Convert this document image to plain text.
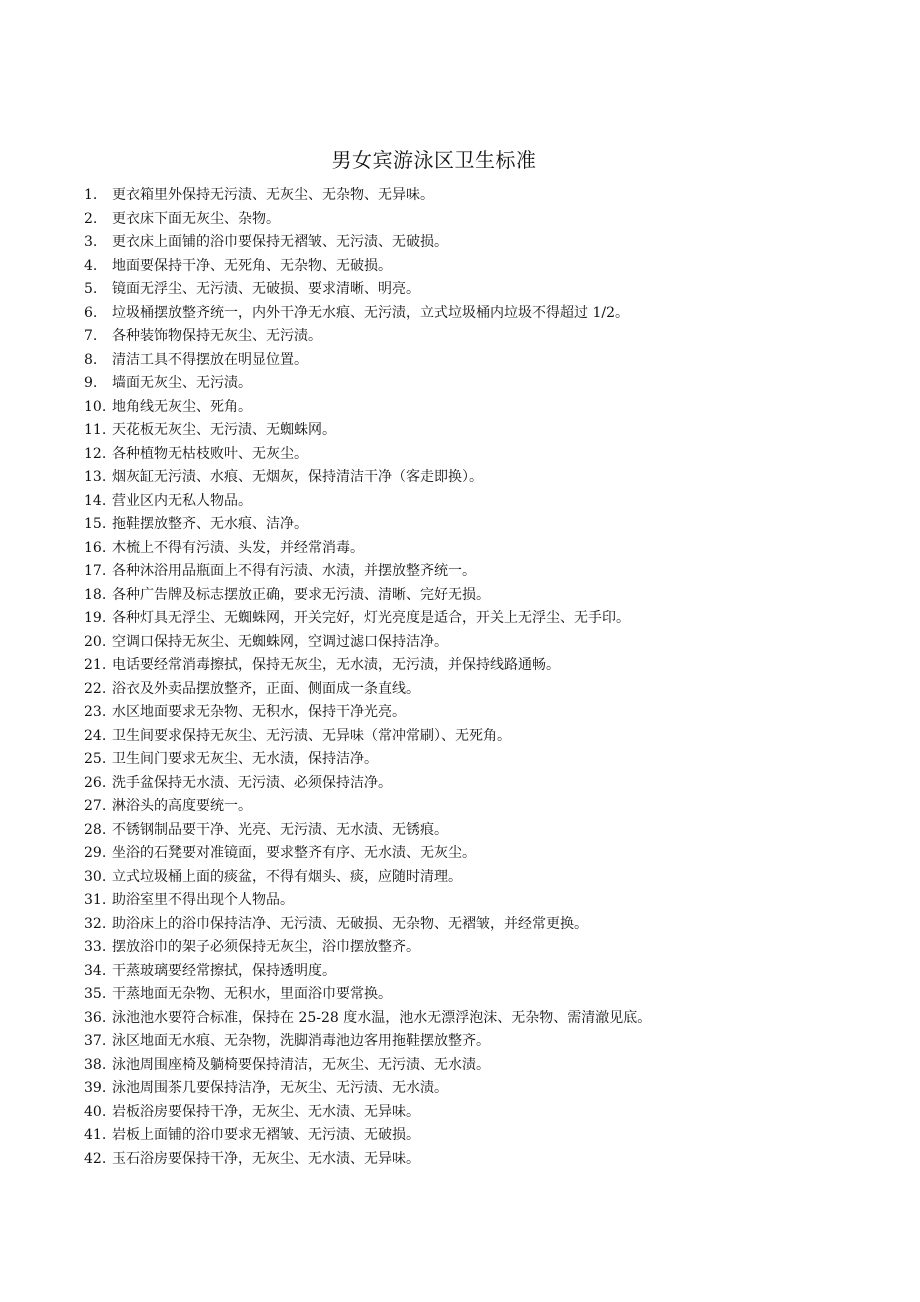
男女宾游泳区卫生标准
1.	更衣箱里外保持无污渍、无灰尘、无杂物、无异味。
2.	更衣床下面无灰尘、杂物。
3.	更衣床上面铺的浴巾要保持无褶皱、无污渍、无破损。
4.	地面要保持干净、无死角、无杂物、无破损。
5.	镜面无浮尘、无污渍、无破损、要求清晰、明亮。
6.	垃圾桶摆放整齐统一，内外干净无水痕、无污渍，立式垃圾桶内垃圾不得超过 1/2。
7.	各种装饰物保持无灰尘、无污渍。
8.	清洁工具不得摆放在明显位置。
9.	墙面无灰尘、无污渍。
10. 地角线无灰尘、死角。
11. 天花板无灰尘、无污渍、无蜘蛛网。
12. 各种植物无枯枝败叶、无灰尘。
13. 烟灰缸无污渍、水痕、无烟灰，保持清洁干净（客走即换）。
14. 营业区内无私人物品。
15. 拖鞋摆放整齐、无水痕、洁净。
16. 木梳上不得有污渍、头发，并经常消毒。
17. 各种沐浴用品瓶面上不得有污渍、水渍，并摆放整齐统一。
18. 各种广告牌及标志摆放正确，要求无污渍、清晰、完好无损。
19. 各种灯具无浮尘、无蜘蛛网，开关完好，灯光亮度是适合，开关上无浮尘、无手印。
20. 空调口保持无灰尘、无蜘蛛网，空调过滤口保持洁净。
21. 电话要经常消毒擦拭，保持无灰尘，无水渍，无污渍，并保持线路通畅。
22. 浴衣及外卖品摆放整齐，正面、侧面成一条直线。
23. 水区地面要求无杂物、无积水，保持干净光亮。
24. 卫生间要求保持无灰尘、无污渍、无异味（常冲常刷）、无死角。
25. 卫生间门要求无灰尘、无水渍，保持洁净。
26. 洗手盆保持无水渍、无污渍、必须保持洁净。
27. 淋浴头的高度要统一。
28. 不锈钢制品要干净、光亮、无污渍、无水渍、无锈痕。
29. 坐浴的石凳要对准镜面，要求整齐有序、无水渍、无灰尘。
30. 立式垃圾桶上面的痰盆，不得有烟头、痰，应随时清理。
31. 助浴室里不得出现个人物品。
32. 助浴床上的浴巾保持洁净、无污渍、无破损、无杂物、无褶皱，并经常更换。
33. 摆放浴巾的架子必须保持无灰尘，浴巾摆放整齐。
34. 干蒸玻璃要经常擦拭，保持透明度。
35. 干蒸地面无杂物、无积水，里面浴巾要常换。
36. 泳池池水要符合标准，保持在 25-28 度水温，池水无漂浮泡沫、无杂物、需清澈见底。
37. 泳区地面无水痕、无杂物，洗脚消毒池边客用拖鞋摆放整齐。
38. 泳池周围座椅及躺椅要保持清洁，无灰尘、无污渍、无水渍。
39. 泳池周围茶几要保持洁净，无灰尘、无污渍、无水渍。
40. 岩板浴房要保持干净，无灰尘、无水渍、无异味。
41. 岩板上面铺的浴巾要求无褶皱、无污渍、无破损。
42. 玉石浴房要保持干净，无灰尘、无水渍、无异味。
